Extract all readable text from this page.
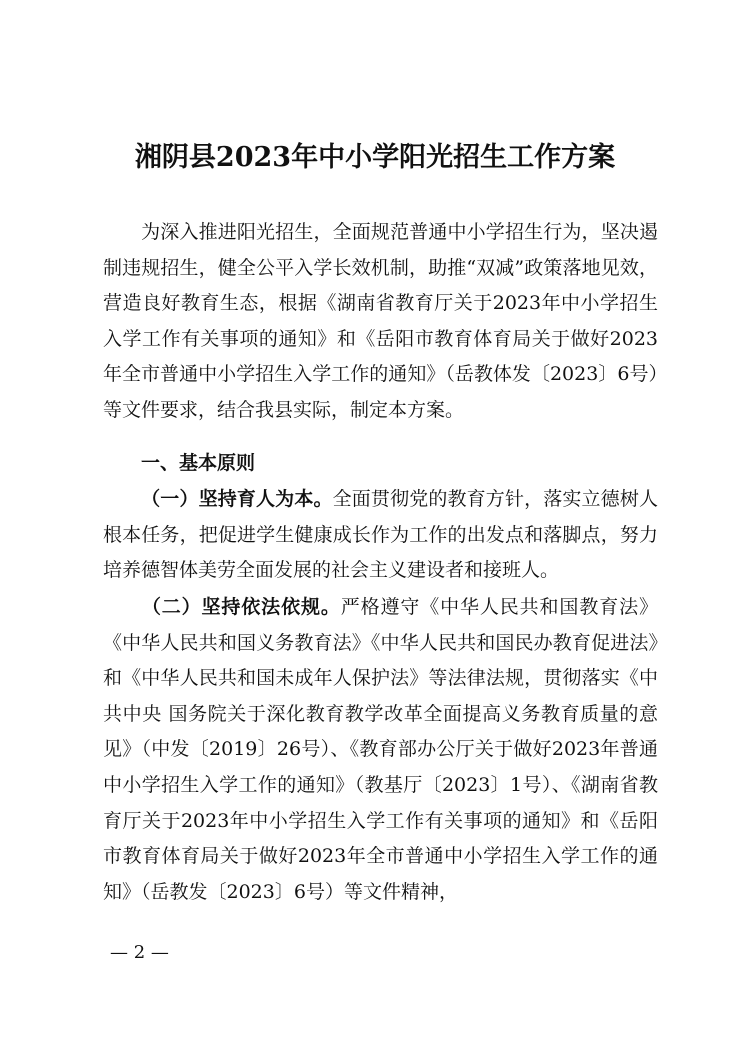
湘阴县2023年中小学阳光招生工作方案

为深入推进阳光招生，全面规范普通中小学招生行为，坚决遏制违规招生，健全公平入学长效机制，助推“双减”政策落地见效，营造良好教育生态，根据《湖南省教育厅关于2023年中小学招生入学工作有关事项的通知》和《岳阳市教育体育局关于做好2023年全市普通中小学招生入学工作的通知》（岳教体发〔2023〕6号）等文件要求，结合我县实际，制定本方案。

一、基本原则

（一）坚持育人为本。全面贯彻党的教育方针，落实立德树人根本任务，把促进学生健康成长作为工作的出发点和落脚点，努力培养德智体美劳全面发展的社会主义建设者和接班人。

（二）坚持依法依规。严格遵守《中华人民共和国教育法》《中华人民共和国义务教育法》《中华人民共和国民办教育促进法》和《中华人民共和国未成年人保护法》等法律法规，贯彻落实《中共中央 国务院关于深化教育教学改革全面提高义务教育质量的意见》（中发〔2019〕26号）、《教育部办公厅关于做好2023年普通中小学招生入学工作的通知》（教基厅〔2023〕1号）、《湖南省教育厅关于2023年中小学招生入学工作有关事项的通知》和《岳阳市教育体育局关于做好2023年全市普通中小学招生入学工作的通知》（岳教发〔2023〕6号）等文件精神，

— 2 —
